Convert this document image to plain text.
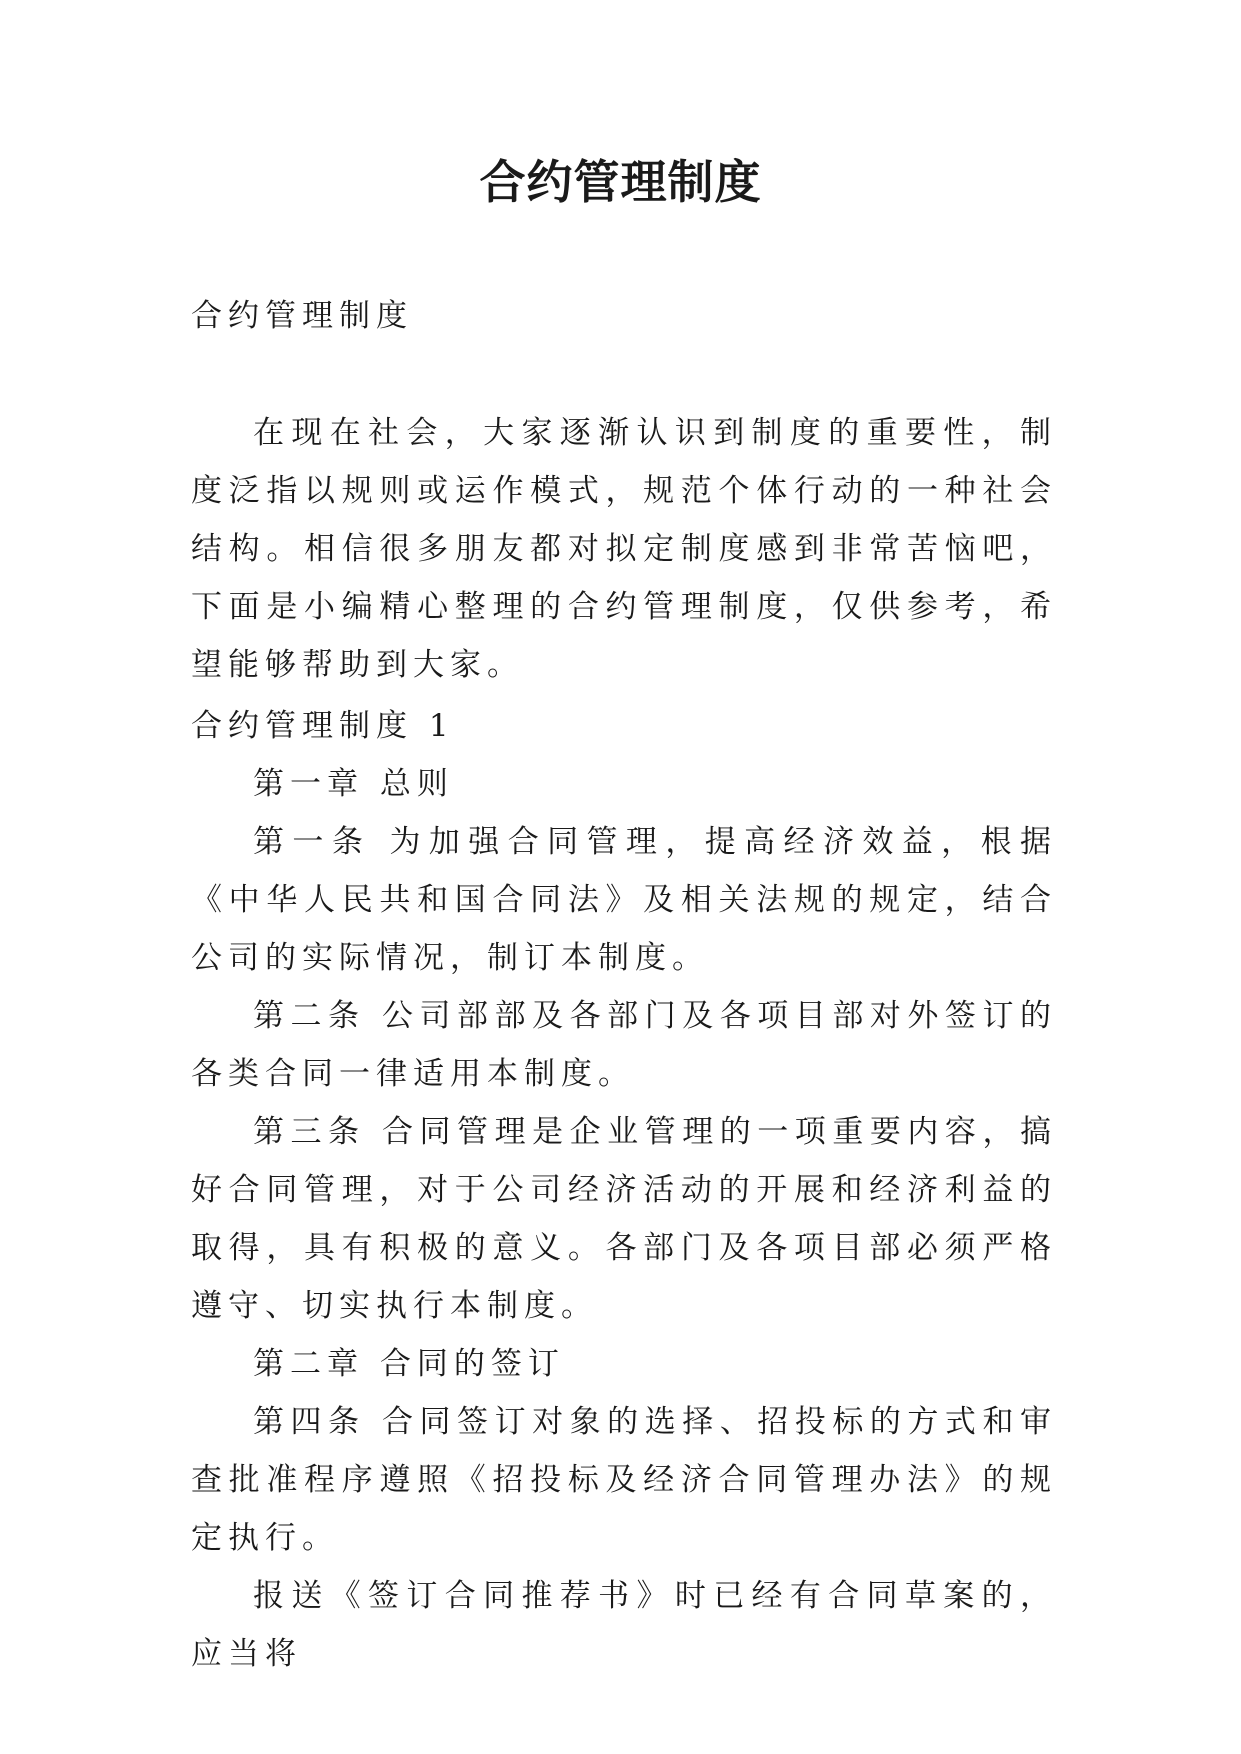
合约管理制度

合约管理制度

在现在社会，大家逐渐认识到制度的重要性，制度泛指以规则或运作模式，规范个体行动的一种社会结构。相信很多朋友都对拟定制度感到非常苦恼吧，下面是小编精心整理的合约管理制度，仅供参考，希望能够帮助到大家。

合约管理制度 1

第一章 总则

第一条 为加强合同管理，提高经济效益，根据《中华人民共和国合同法》及相关法规的规定，结合公司的实际情况，制订本制度。

第二条 公司部部及各部门及各项目部对外签订的各类合同一律适用本制度。

第三条 合同管理是企业管理的一项重要内容，搞好合同管理，对于公司经济活动的开展和经济利益的取得，具有积极的意义。各部门及各项目部必须严格遵守、切实执行本制度。

第二章 合同的签订

第四条 合同签订对象的选择、招投标的方式和审查批准程序遵照《招投标及经济合同管理办法》的规定执行。

报送《签订合同推荐书》时已经有合同草案的，应当将
